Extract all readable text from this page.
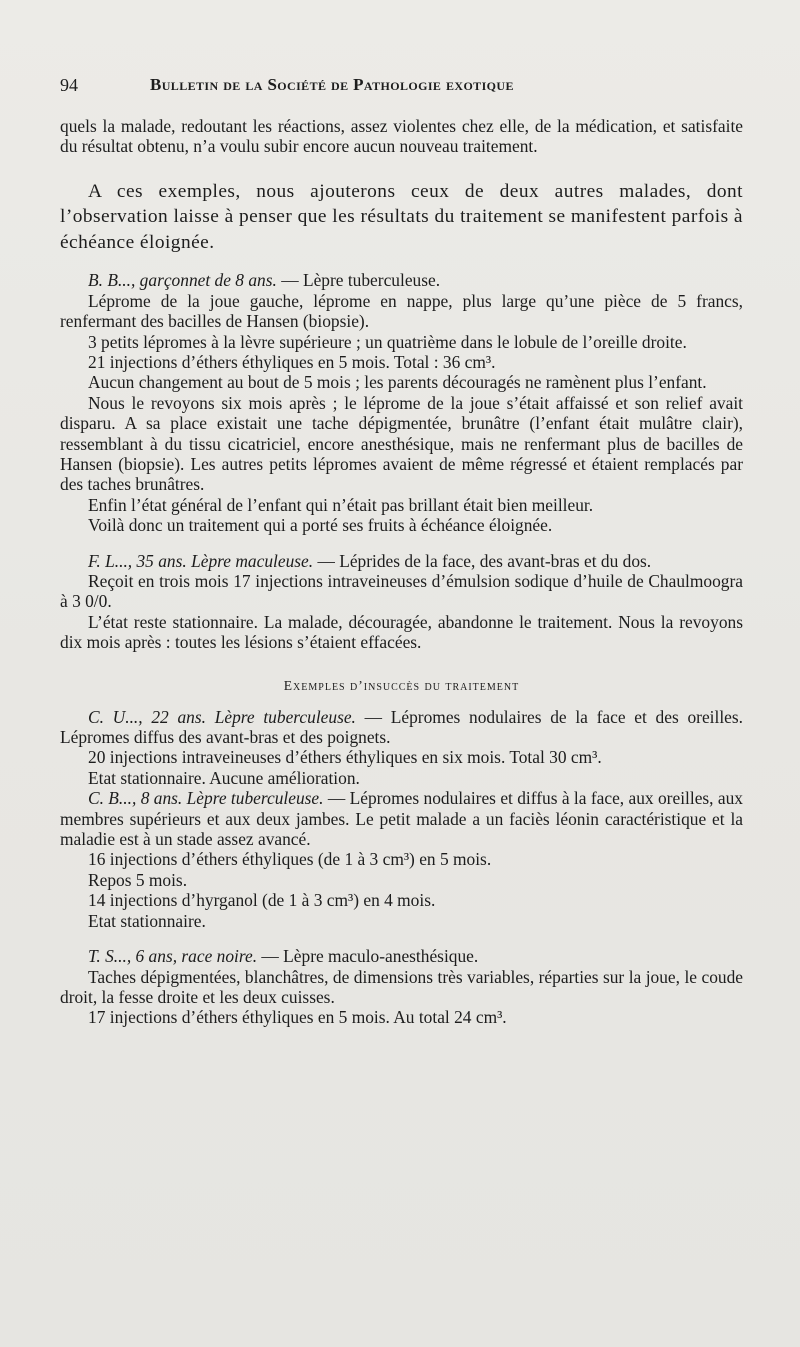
94	Bulletin de la Société de Pathologie exotique

quels la malade, redoutant les réactions, assez violentes chez elle, de la médication, et satisfaite du résultat obtenu, n’a voulu subir encore aucun nouveau traitement.

A ces exemples, nous ajouterons ceux de deux autres malades, dont l’observation laisse à penser que les résultats du traitement se manifestent parfois à échéance éloignée.

B. B..., garçonnet de 8 ans. — Lèpre tuberculeuse.

Léprome de la joue gauche, léprome en nappe, plus large qu’une pièce de 5 francs, renfermant des bacilles de Hansen (biopsie).

3 petits lépromes à la lèvre supérieure ; un quatrième dans le lobule de l’oreille droite.

21 injections d’éthers éthyliques en 5 mois. Total : 36 cm³.

Aucun changement au bout de 5 mois ; les parents découragés ne ramènent plus l’enfant.

Nous le revoyons six mois après ; le léprome de la joue s’était affaissé et son relief avait disparu. A sa place existait une tache dépigmentée, brunâtre (l’enfant était mulâtre clair), ressemblant à du tissu cicatriciel, encore anesthésique, mais ne renfermant plus de bacilles de Hansen (biopsie). Les autres petits lépromes avaient de même régressé et étaient remplacés par des taches brunâtres.

Enfin l’état général de l’enfant qui n’était pas brillant était bien meilleur.

Voilà donc un traitement qui a porté ses fruits à échéance éloignée.

F. L..., 35 ans. Lèpre maculeuse. — Léprides de la face, des avant-bras et du dos.

Reçoit en trois mois 17 injections intraveineuses d’émulsion sodique d’huile de Chaulmoogra à 3 0/0.

L’état reste stationnaire. La malade, découragée, abandonne le traitement. Nous la revoyons dix mois après : toutes les lésions s’étaient effacées.

Exemples d’insuccès du traitement

C. U..., 22 ans. Lèpre tuberculeuse. — Lépromes nodulaires de la face et des oreilles. Lépromes diffus des avant-bras et des poignets.

20 injections intraveineuses d’éthers éthyliques en six mois. Total 30 cm³.

Etat stationnaire. Aucune amélioration.

C. B..., 8 ans. Lèpre tuberculeuse. — Lépromes nodulaires et diffus à la face, aux oreilles, aux membres supérieurs et aux deux jambes. Le petit malade a un faciès léonin caractéristique et la maladie est à un stade assez avancé.

16 injections d’éthers éthyliques (de 1 à 3 cm³) en 5 mois.

Repos 5 mois.

14 injections d’hyrganol (de 1 à 3 cm³) en 4 mois.

Etat stationnaire.

T. S..., 6 ans, race noire. — Lèpre maculo-anesthésique.

Taches dépigmentées, blanchâtres, de dimensions très variables, réparties sur la joue, le coude droit, la fesse droite et les deux cuisses.

17 injections d’éthers éthyliques en 5 mois. Au total 24 cm³.
